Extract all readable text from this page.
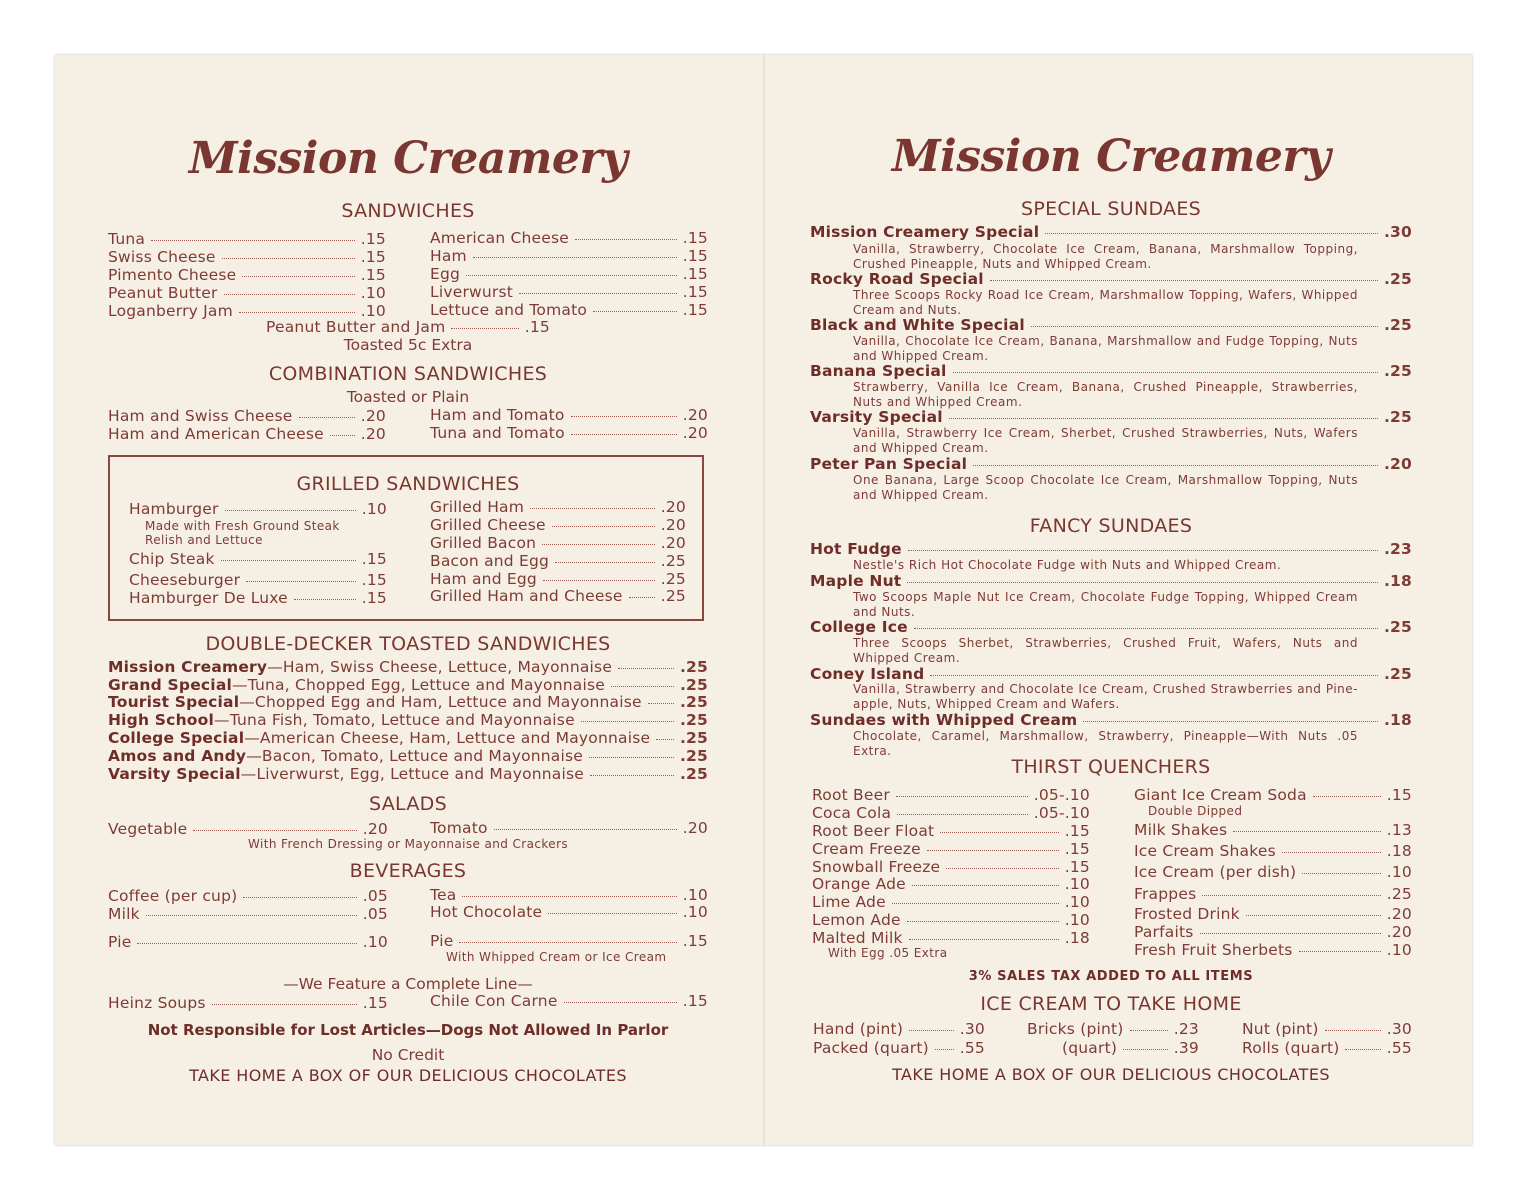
Mission Creamery
SANDWICHES
Tuna	.15
Swiss Cheese	.15
Pimento Cheese	.15
Peanut Butter	.10
Loganberry Jam	.10
American Cheese	.15
Ham	.15
Egg	.15
Liverwurst	.15
Lettuce and Tomato	.15
Peanut Butter and Jam	.15
Toasted 5c Extra
COMBINATION SANDWICHES
Toasted or Plain
Ham and Swiss Cheese	.20
Ham and American Cheese .20
Ham and Tomato	.20
Tuna and Tomato	.20
GRILLED SANDWICHES
Hamburger	.10
Made with Fresh Ground Steak
Relish and Lettuce
Chip Steak	.15
Cheeseburger	.15
Hamburger De Luxe	.15
Grilled Ham	.20
Grilled Cheese	.20
Grilled Bacon	.20
Bacon and Egg	.25
Ham and Egg	.25
Grilled Ham and Cheese .25
DOUBLE-DECKER TOASTED SANDWICHES
Mission Creamery—Ham, Swiss Cheese, Lettuce, Mayonnaise	.25
Grand Special—Tuna, Chopped Egg, Lettuce and Mayonnaise	.25
Tourist Special—Chopped Egg and Ham, Lettuce and Mayonnaise .25
High School—Tuna Fish, Tomato, Lettuce and Mayonnaise	.25
College Special—American Cheese, Ham, Lettuce and Mayonnaise .25
Amos and Andy—Bacon, Tomato, Lettuce and Mayonnaise	.25
Varsity Special—Liverwurst, Egg, Lettuce and Mayonnaise	.25
SALADS
Vegetable	.20	Tomato	.20
With French Dressing or Mayonnaise and Crackers
BEVERAGES
Coffee (per cup)	.05
Milk	.05
Pie	.10
Tea	.10
Hot Chocolate	.10
Pie	.15
With Whipped Cream or Ice Cream
—We Feature a Complete Line—
Heinz Soups	.15	Chile Con Carne	.15
Not Responsible for Lost Articles—Dogs Not Allowed In Parlor
No Credit
TAKE HOME A BOX OF OUR DELICIOUS CHOCOLATES
Mission Creamery
SPECIAL SUNDAES
Mission Creamery Special	.30
Vanilla, Strawberry, Chocolate Ice Cream, Banana, Marshmallow Topping, Crushed Pineapple, Nuts and Whipped Cream.
Rocky Road Special	.25
Three Scoops Rocky Road Ice Cream, Marshmallow Topping, Wafers, Whipped Cream and Nuts.
Black and White Special	.25
Vanilla, Chocolate Ice Cream, Banana, Marshmallow and Fudge Topping, Nuts and Whipped Cream.
Banana Special	.25
Strawberry, Vanilla Ice Cream, Banana, Crushed Pineapple, Strawberries, Nuts and Whipped Cream.
Varsity Special	.25
Vanilla, Strawberry Ice Cream, Sherbet, Crushed Strawberries, Nuts, Wafers and Whipped Cream.
Peter Pan Special	.20
One Banana, Large Scoop Chocolate Ice Cream, Marshmallow Topping, Nuts and Whipped Cream.
FANCY SUNDAES
Hot Fudge	.23
Nestle's Rich Hot Chocolate Fudge with Nuts and Whipped Cream.
Maple Nut	.18
Two Scoops Maple Nut Ice Cream, Chocolate Fudge Topping, Whipped Cream and Nuts.
College Ice	.25
Three Scoops Sherbet, Strawberries, Crushed Fruit, Wafers, Nuts and Whipped Cream.
Coney Island	.25
Vanilla, Strawberry and Chocolate Ice Cream, Crushed Strawberries and Pine-apple, Nuts, Whipped Cream and Wafers.
Sundaes with Whipped Cream	.18
Chocolate, Caramel, Marshmallow, Strawberry, Pineapple—With Nuts .05 Extra.
THIRST QUENCHERS
Root Beer	.05-.10
Coca Cola	.05-.10
Root Beer Float	.15
Cream Freeze	.15
Snowball Freeze	.15
Orange Ade	.10
Lime Ade	.10
Lemon Ade	.10
Malted Milk	.18
With Egg .05 Extra
Giant Ice Cream Soda	.15
Double Dipped
Milk Shakes	.13
Ice Cream Shakes	.18
Ice Cream (per dish)	.10
Frappes	.25
Frosted Drink	.20
Parfaits	.20
Fresh Fruit Sherbets	.10
3% SALES TAX ADDED TO ALL ITEMS
ICE CREAM TO TAKE HOME
Hand (pint)	.30
Packed (quart) .55
Bricks (pint)	.23
(quart)	.39
Nut (pint)	.30
Rolls (quart)	.55
TAKE HOME A BOX OF OUR DELICIOUS CHOCOLATES
